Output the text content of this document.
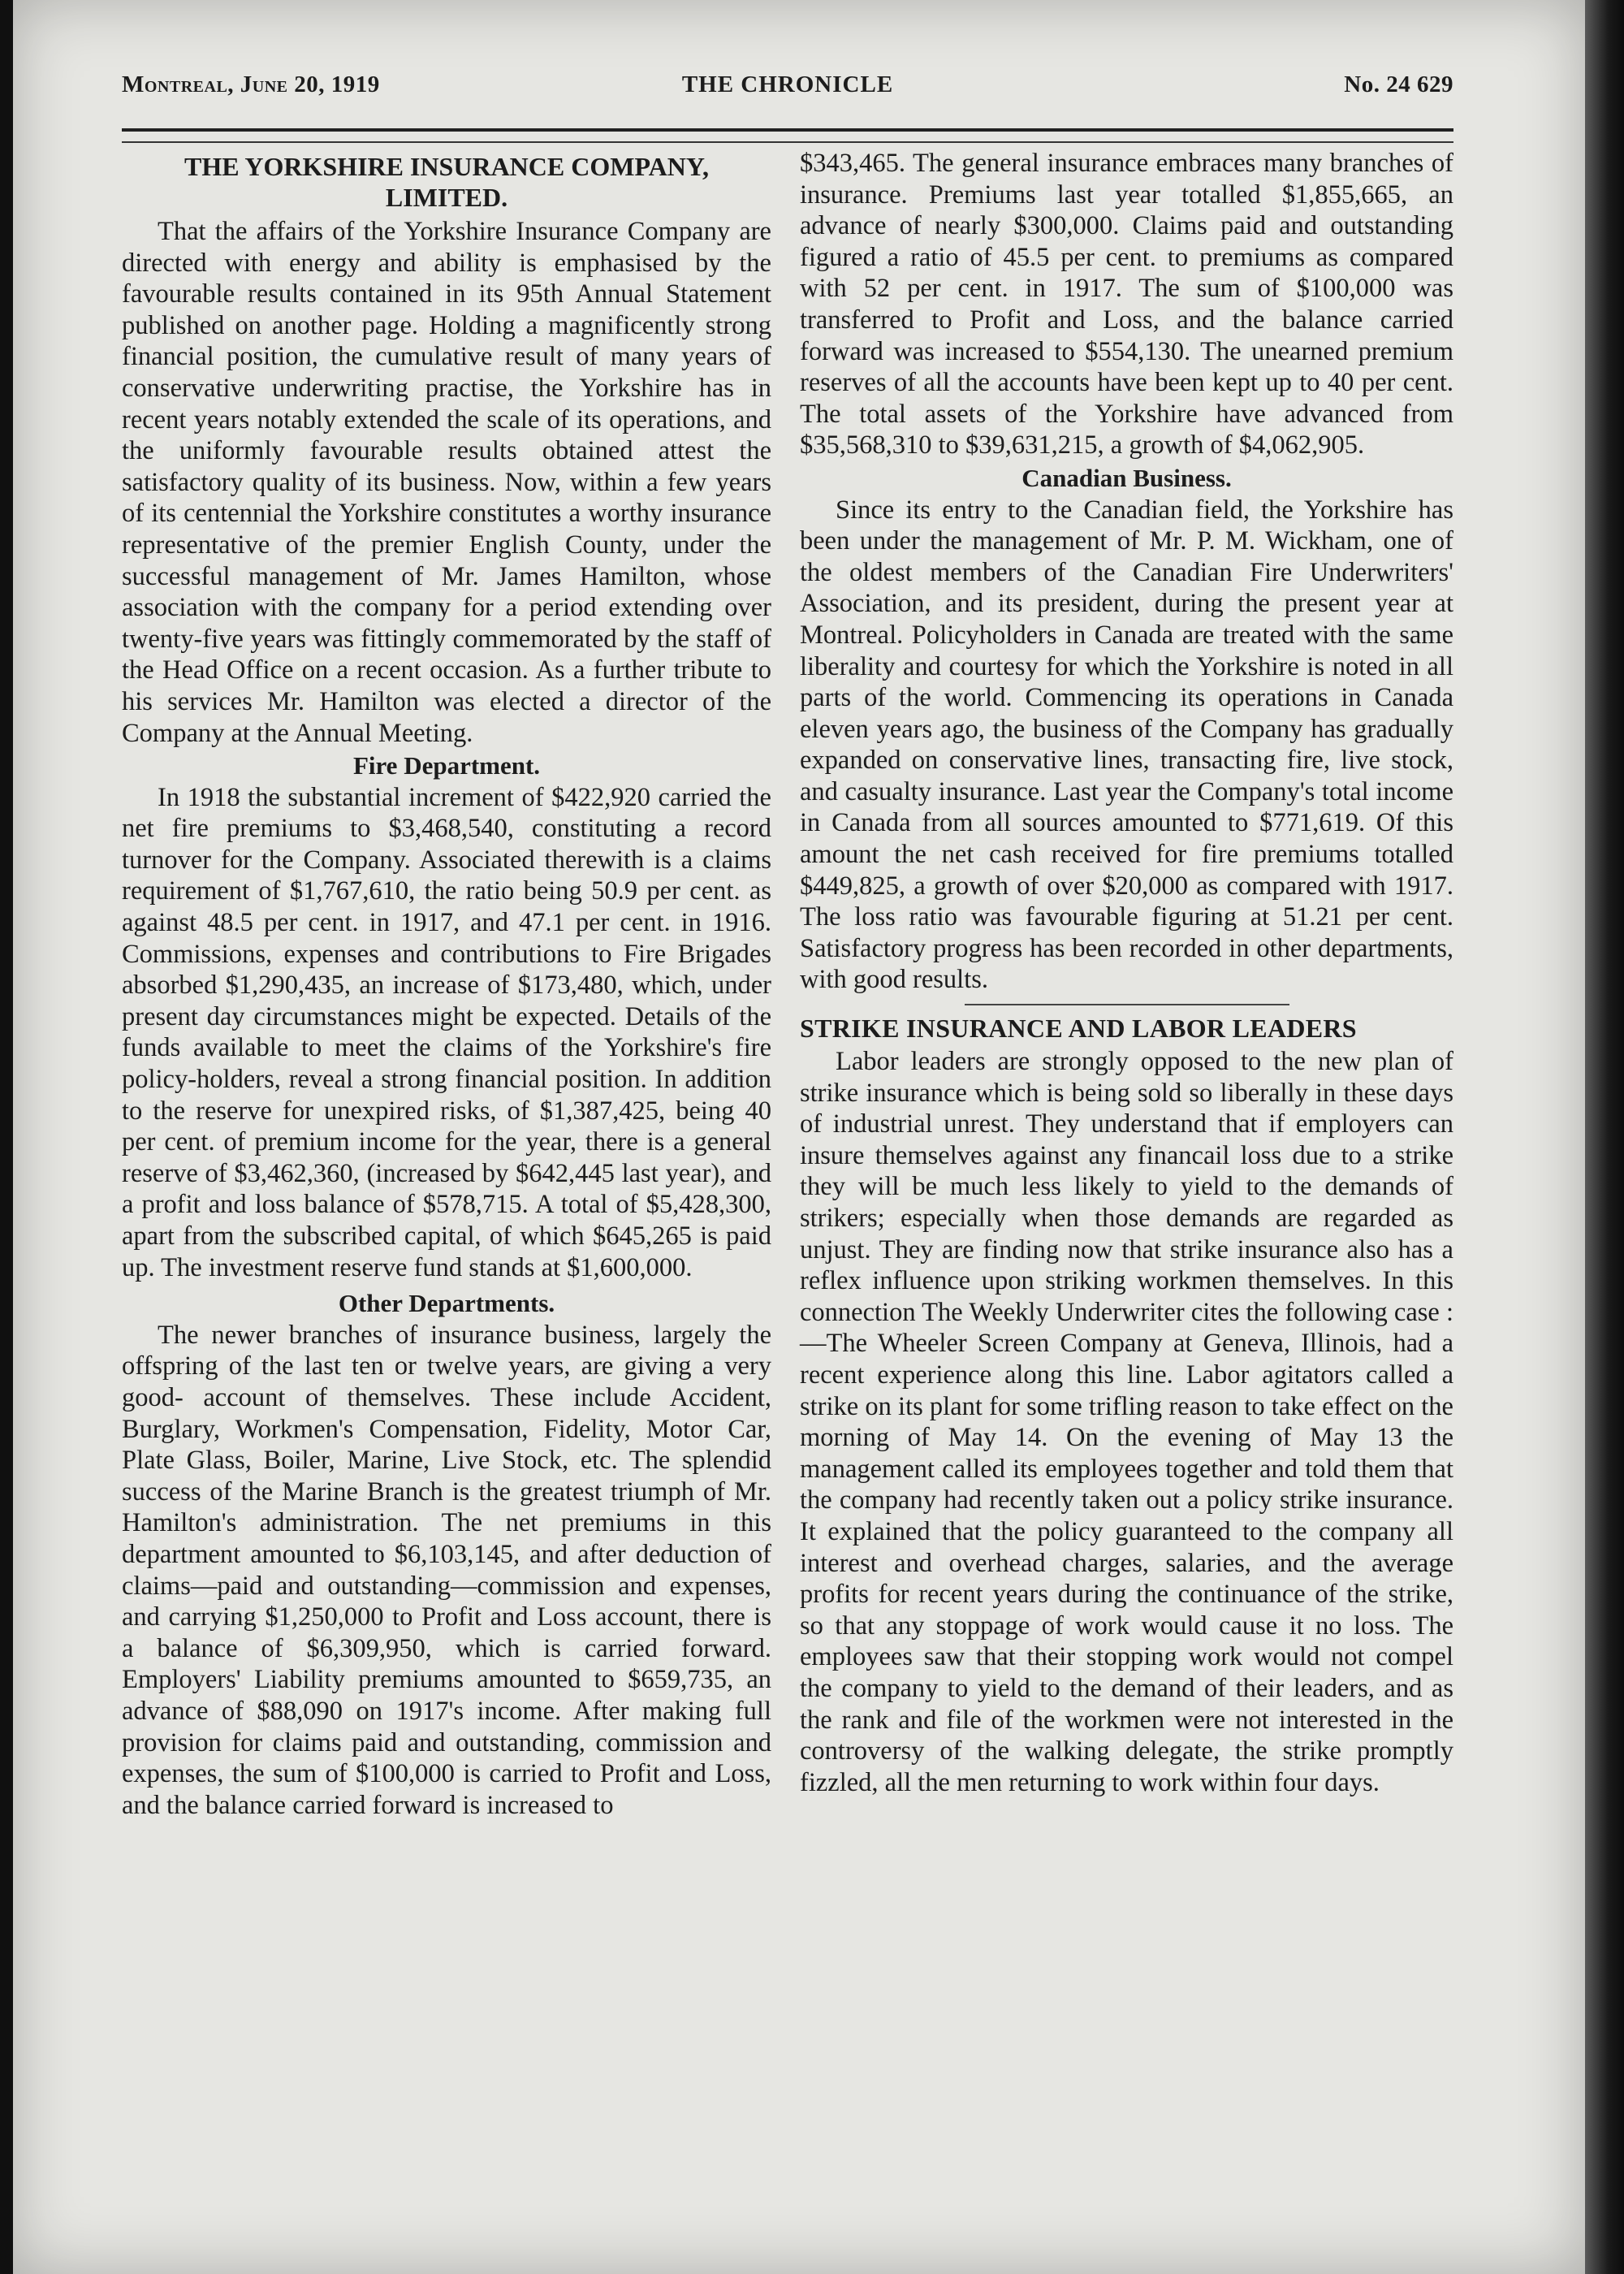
Montreal, June 20, 1919	THE CHRONICLE	No. 24 629
THE YORKSHIRE INSURANCE COMPANY, LIMITED.

That the affairs of the Yorkshire Insurance Company are directed with energy and ability is emphasised by the favourable results contained in its 95th Annual Statement published on another page. Holding a magnificently strong financial position, the cumulative result of many years of conservative underwriting practise, the Yorkshire has in recent years notably extended the scale of its operations, and the uniformly favourable results obtained attest the satisfactory quality of its business. Now, within a few years of its centennial the Yorkshire constitutes a worthy insurance representative of the premier English County, under the successful management of Mr. James Hamilton, whose association with the company for a period extending over twenty-five years was fittingly commemorated by the staff of the Head Office on a recent occasion. As a further tribute to his services Mr. Hamilton was elected a director of the Company at the Annual Meeting.

Fire Department.

In 1918 the substantial increment of $422,920 carried the net fire premiums to $3,468,540, constituting a record turnover for the Company. Associated therewith is a claims requirement of $1,767,610, the ratio being 50.9 per cent. as against 48.5 per cent. in 1917, and 47.1 per cent. in 1916. Commissions, expenses and contributions to Fire Brigades absorbed $1,290,435, an increase of $173,480, which, under present day circumstances might be expected. Details of the funds available to meet the claims of the Yorkshire's fire policy-holders, reveal a strong financial position. In addition to the reserve for unexpired risks, of $1,387,425, being 40 per cent. of premium income for the year, there is a general reserve of $3,462,360, (increased by $642,445 last year), and a profit and loss balance of $578,715. A total of $5,428,300, apart from the subscribed capital, of which $645,265 is paid up. The investment reserve fund stands at $1,600,000.

Other Departments.

The newer branches of insurance business, largely the offspring of the last ten or twelve years, are giving a very good- account of themselves. These include Accident, Burglary, Workmen's Compensation, Fidelity, Motor Car, Plate Glass, Boiler, Marine, Live Stock, etc. The splendid success of the Marine Branch is the greatest triumph of Mr. Hamilton's administration. The net premiums in this department amounted to $6,103,145, and after deduction of claims—paid and outstanding—commission and expenses, and carrying $1,250,000 to Profit and Loss account, there is a balance of $6,309,950, which is carried forward. Employers' Liability premiums amounted to $659,735, an advance of $88,090 on 1917's income. After making full provision for claims paid and outstanding, commission and expenses, the sum of $100,000 is carried to Profit and Loss, and the balance carried forward is increased to

$343,465. The general insurance embraces many branches of insurance. Premiums last year totalled $1,855,665, an advance of nearly $300,000. Claims paid and outstanding figured a ratio of 45.5 per cent. to premiums as compared with 52 per cent. in 1917. The sum of $100,000 was transferred to Profit and Loss, and the balance carried forward was increased to $554,130. The unearned premium reserves of all the accounts have been kept up to 40 per cent. The total assets of the Yorkshire have advanced from $35,568,310 to $39,631,215, a growth of $4,062,905.

Canadian Business.

Since its entry to the Canadian field, the Yorkshire has been under the management of Mr. P. M. Wickham, one of the oldest members of the Canadian Fire Underwriters' Association, and its president, during the present year at Montreal. Policyholders in Canada are treated with the same liberality and courtesy for which the Yorkshire is noted in all parts of the world. Commencing its operations in Canada eleven years ago, the business of the Company has gradually expanded on conservative lines, transacting fire, live stock, and casualty insurance. Last year the Company's total income in Canada from all sources amounted to $771,619. Of this amount the net cash received for fire premiums totalled $449,825, a growth of over $20,000 as compared with 1917. The loss ratio was favourable figuring at 51.21 per cent. Satisfactory progress has been recorded in other departments, with good results.

STRIKE INSURANCE AND LABOR LEADERS

Labor leaders are strongly opposed to the new plan of strike insurance which is being sold so liberally in these days of industrial unrest. They understand that if employers can insure themselves against any financail loss due to a strike they will be much less likely to yield to the demands of strikers; especially when those demands are regarded as unjust. They are finding now that strike insurance also has a reflex influence upon striking workmen themselves. In this connection The Weekly Underwriter cites the following case :—The Wheeler Screen Company at Geneva, Illinois, had a recent experience along this line. Labor agitators called a strike on its plant for some trifling reason to take effect on the morning of May 14. On the evening of May 13 the management called its employees together and told them that the company had recently taken out a policy strike insurance. It explained that the policy guaranteed to the company all interest and overhead charges, salaries, and the average profits for recent years during the continuance of the strike, so that any stoppage of work would cause it no loss. The employees saw that their stopping work would not compel the company to yield to the demand of their leaders, and as the rank and file of the workmen were not interested in the controversy of the walking delegate, the strike promptly fizzled, all the men returning to work within four days.
